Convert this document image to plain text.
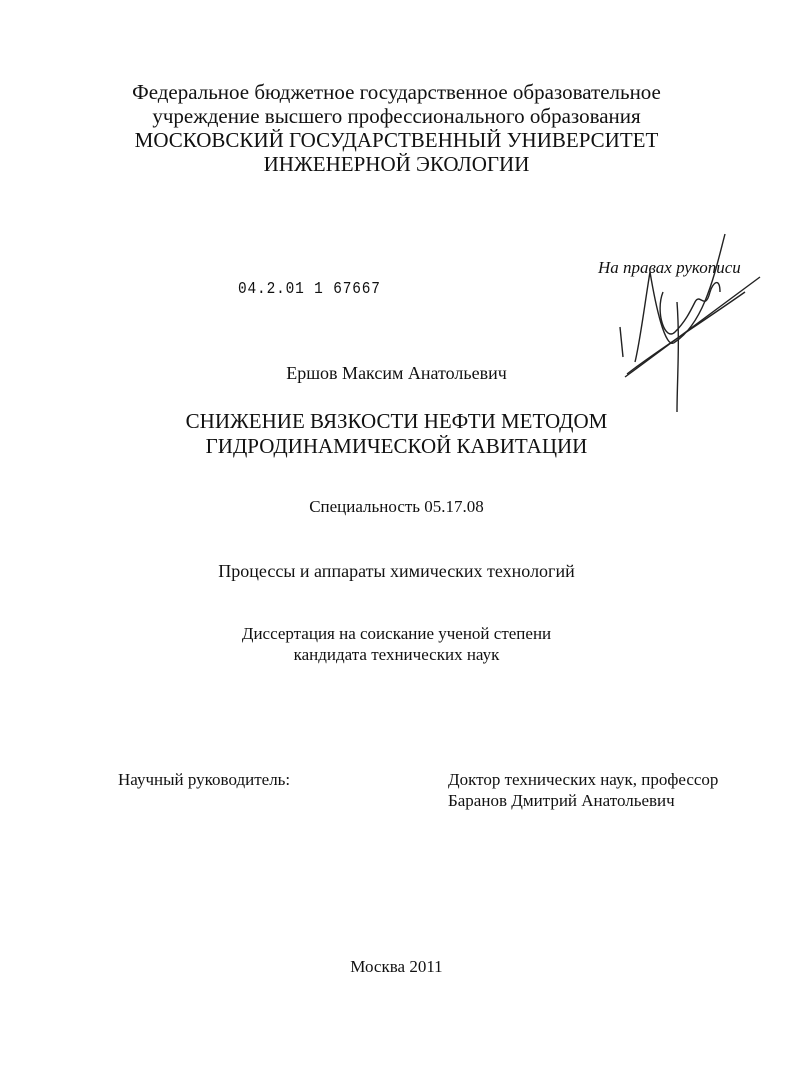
Федеральное бюджетное государственное образовательное
учреждение высшего профессионального образования
МОСКОВСКИЙ ГОСУДАРСТВЕННЫЙ УНИВЕРСИТЕТ
ИНЖЕНЕРНОЙ ЭКОЛОГИИ
04.2.01 1 67667
На правах рукописи
Ершов Максим Анатольевич
СНИЖЕНИЕ ВЯЗКОСТИ НЕФТИ МЕТОДОМ
ГИДРОДИНАМИЧЕСКОЙ КАВИТАЦИИ
Специальность 05.17.08
Процессы и аппараты химических технологий
Диссертация на соискание ученой степени
кандидата технических наук
Научный руководитель:	Доктор технических наук, профессор
Баранов Дмитрий Анатольевич
Москва 2011
